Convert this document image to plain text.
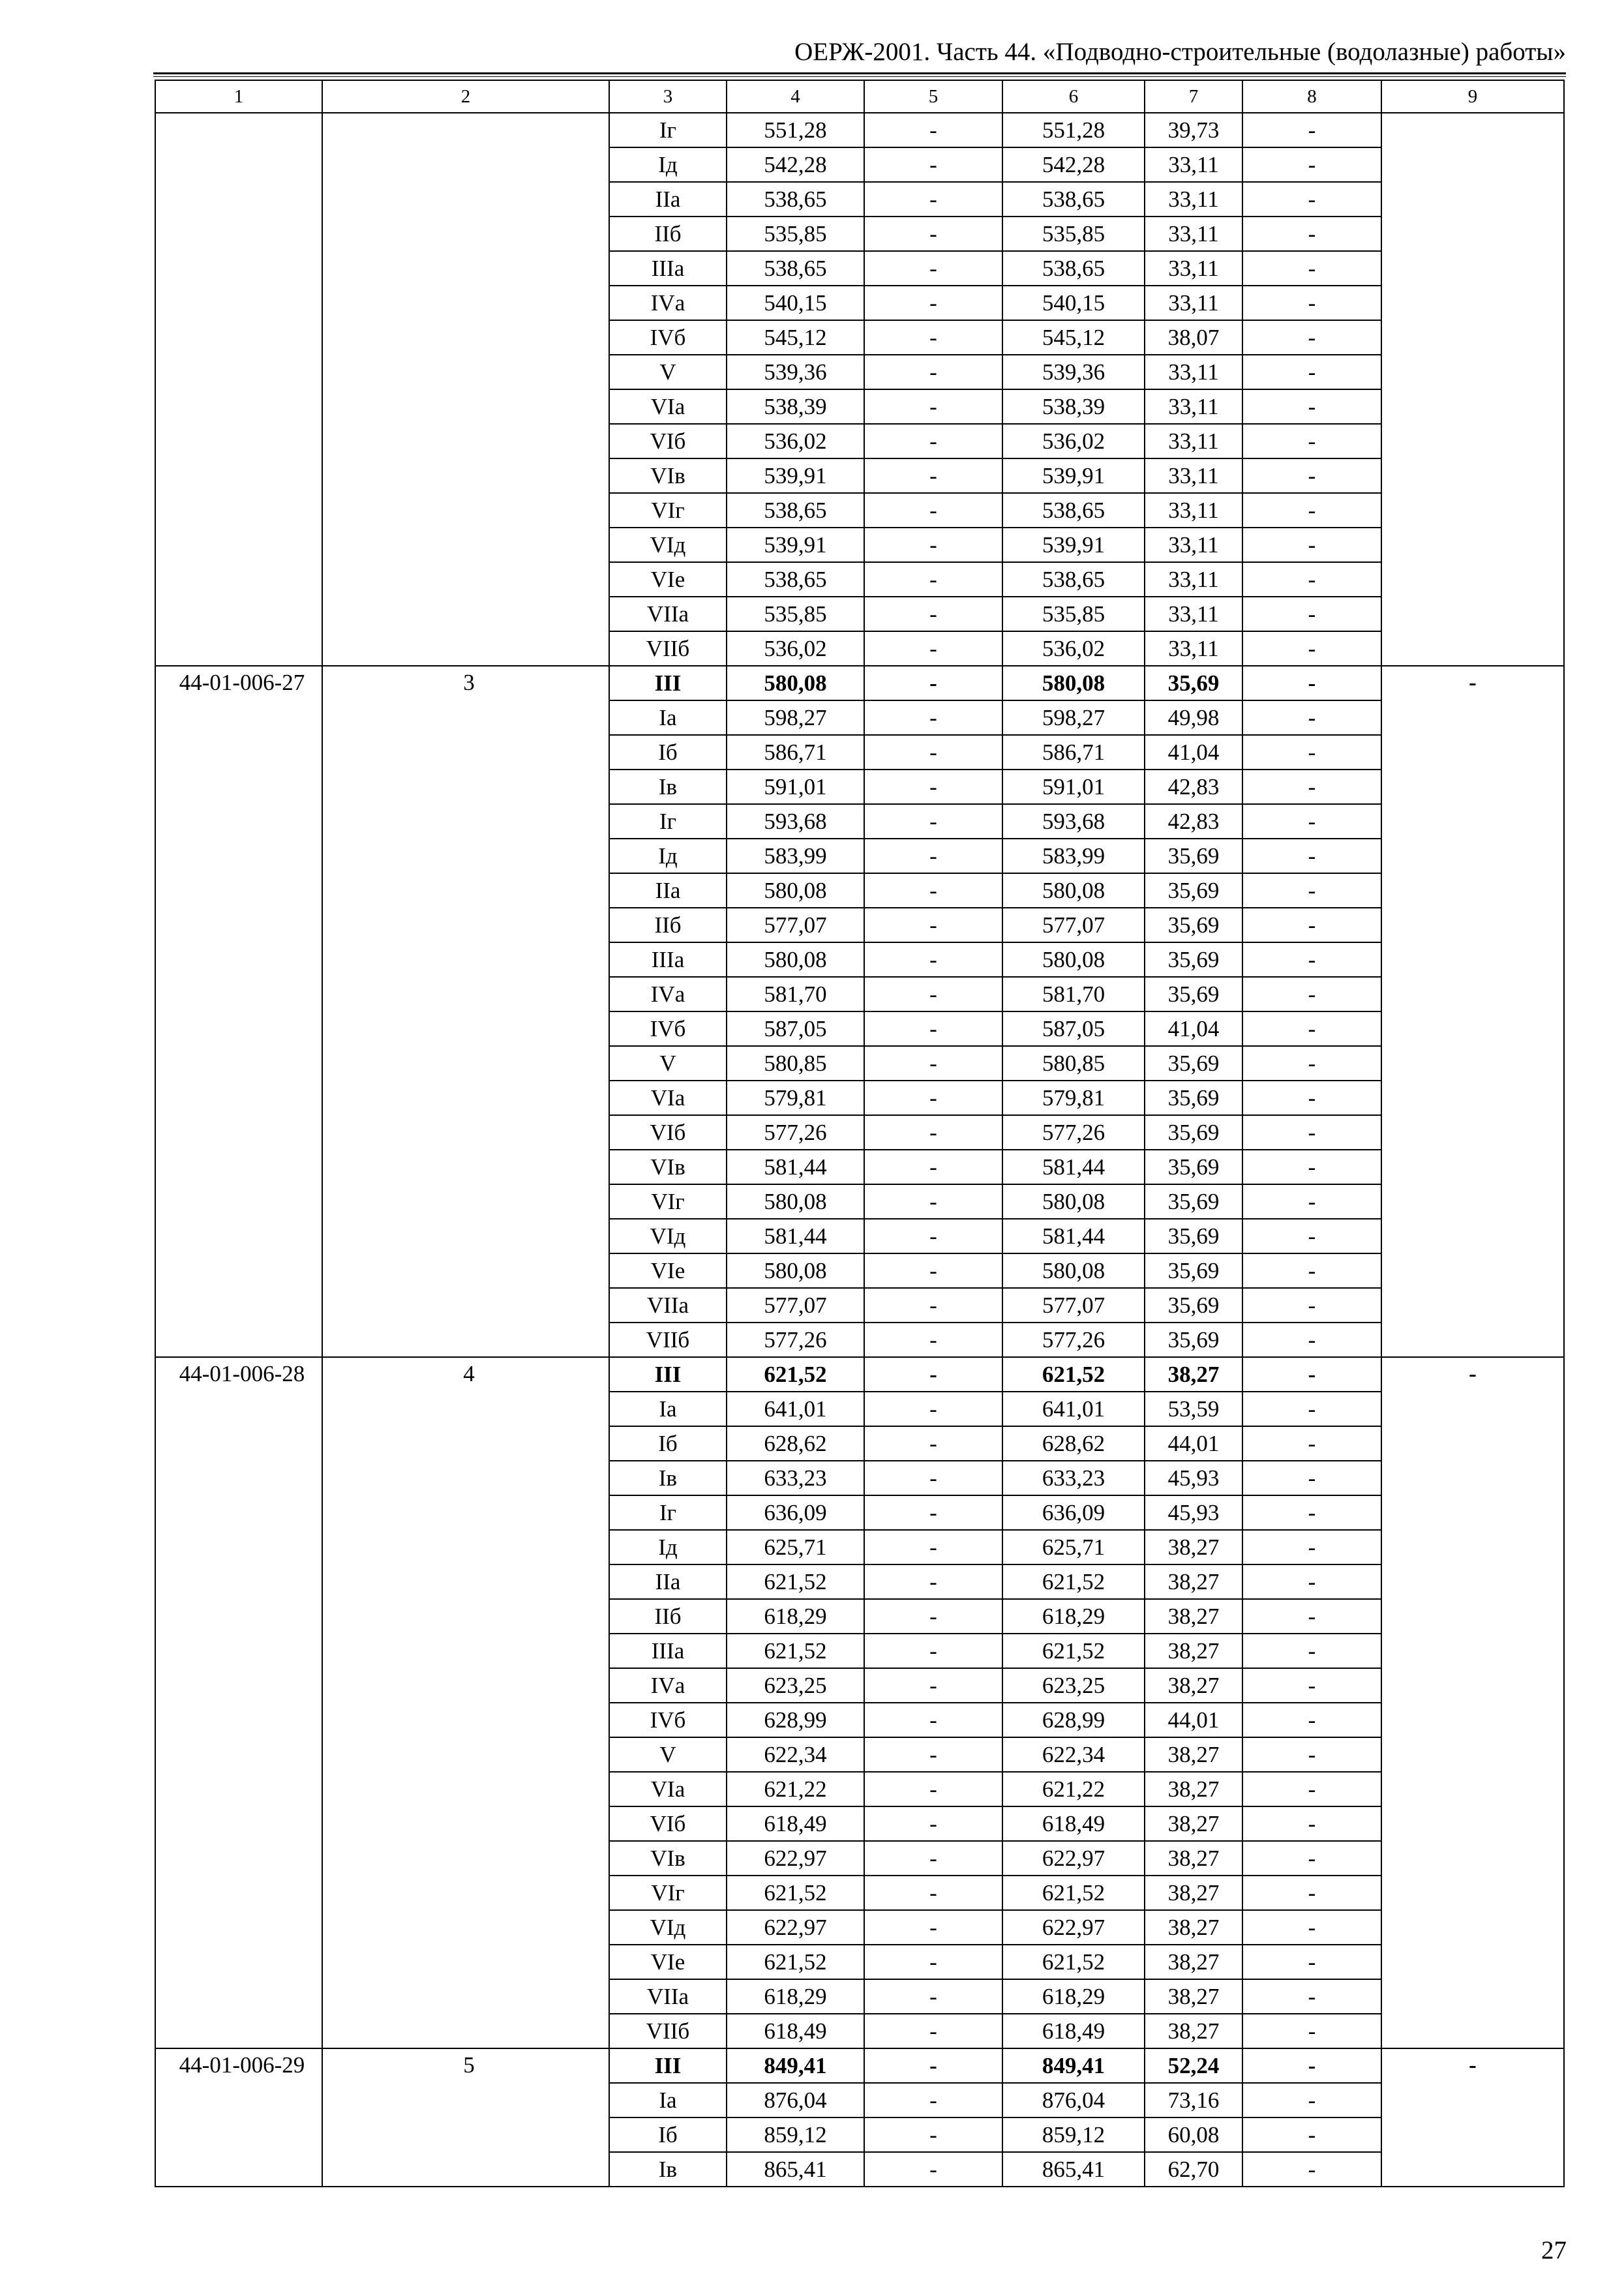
ОЕРЖ-2001. Часть 44. «Подводно-строительные (водолазные) работы»
1	2	3	4	5	6	7	8	9
		Iг	551,28	-	551,28	39,73	-	
		Iд	542,28	-	542,28	33,11	-	
		IIа	538,65	-	538,65	33,11	-	
		IIб	535,85	-	535,85	33,11	-	
		IIIа	538,65	-	538,65	33,11	-	
		IVа	540,15	-	540,15	33,11	-	
		IVб	545,12	-	545,12	38,07	-	
		V	539,36	-	539,36	33,11	-	
		VIа	538,39	-	538,39	33,11	-	
		VIб	536,02	-	536,02	33,11	-	
		VIв	539,91	-	539,91	33,11	-	
		VIг	538,65	-	538,65	33,11	-	
		VIд	539,91	-	539,91	33,11	-	
		VIе	538,65	-	538,65	33,11	-	
		VIIа	535,85	-	535,85	33,11	-	
		VIIб	536,02	-	536,02	33,11	-	
44-01-006-27	3	III	580,08	-	580,08	35,69	-	-
		Iа	598,27	-	598,27	49,98	-	
		Iб	586,71	-	586,71	41,04	-	
		Iв	591,01	-	591,01	42,83	-	
		Iг	593,68	-	593,68	42,83	-	
		Iд	583,99	-	583,99	35,69	-	
		IIа	580,08	-	580,08	35,69	-	
		IIб	577,07	-	577,07	35,69	-	
		IIIа	580,08	-	580,08	35,69	-	
		IVа	581,70	-	581,70	35,69	-	
		IVб	587,05	-	587,05	41,04	-	
		V	580,85	-	580,85	35,69	-	
		VIа	579,81	-	579,81	35,69	-	
		VIб	577,26	-	577,26	35,69	-	
		VIв	581,44	-	581,44	35,69	-	
		VIг	580,08	-	580,08	35,69	-	
		VIд	581,44	-	581,44	35,69	-	
		VIе	580,08	-	580,08	35,69	-	
		VIIа	577,07	-	577,07	35,69	-	
		VIIб	577,26	-	577,26	35,69	-	
44-01-006-28	4	III	621,52	-	621,52	38,27	-	-
		Iа	641,01	-	641,01	53,59	-	
		Iб	628,62	-	628,62	44,01	-	
		Iв	633,23	-	633,23	45,93	-	
		Iг	636,09	-	636,09	45,93	-	
		Iд	625,71	-	625,71	38,27	-	
		IIа	621,52	-	621,52	38,27	-	
		IIб	618,29	-	618,29	38,27	-	
		IIIа	621,52	-	621,52	38,27	-	
		IVа	623,25	-	623,25	38,27	-	
		IVб	628,99	-	628,99	44,01	-	
		V	622,34	-	622,34	38,27	-	
		VIа	621,22	-	621,22	38,27	-	
		VIб	618,49	-	618,49	38,27	-	
		VIв	622,97	-	622,97	38,27	-	
		VIг	621,52	-	621,52	38,27	-	
		VIд	622,97	-	622,97	38,27	-	
		VIе	621,52	-	621,52	38,27	-	
		VIIа	618,29	-	618,29	38,27	-	
		VIIб	618,49	-	618,49	38,27	-	
44-01-006-29	5	III	849,41	-	849,41	52,24	-	-
		Iа	876,04	-	876,04	73,16	-	
		Iб	859,12	-	859,12	60,08	-	
		Iв	865,41	-	865,41	62,70	-	
27
